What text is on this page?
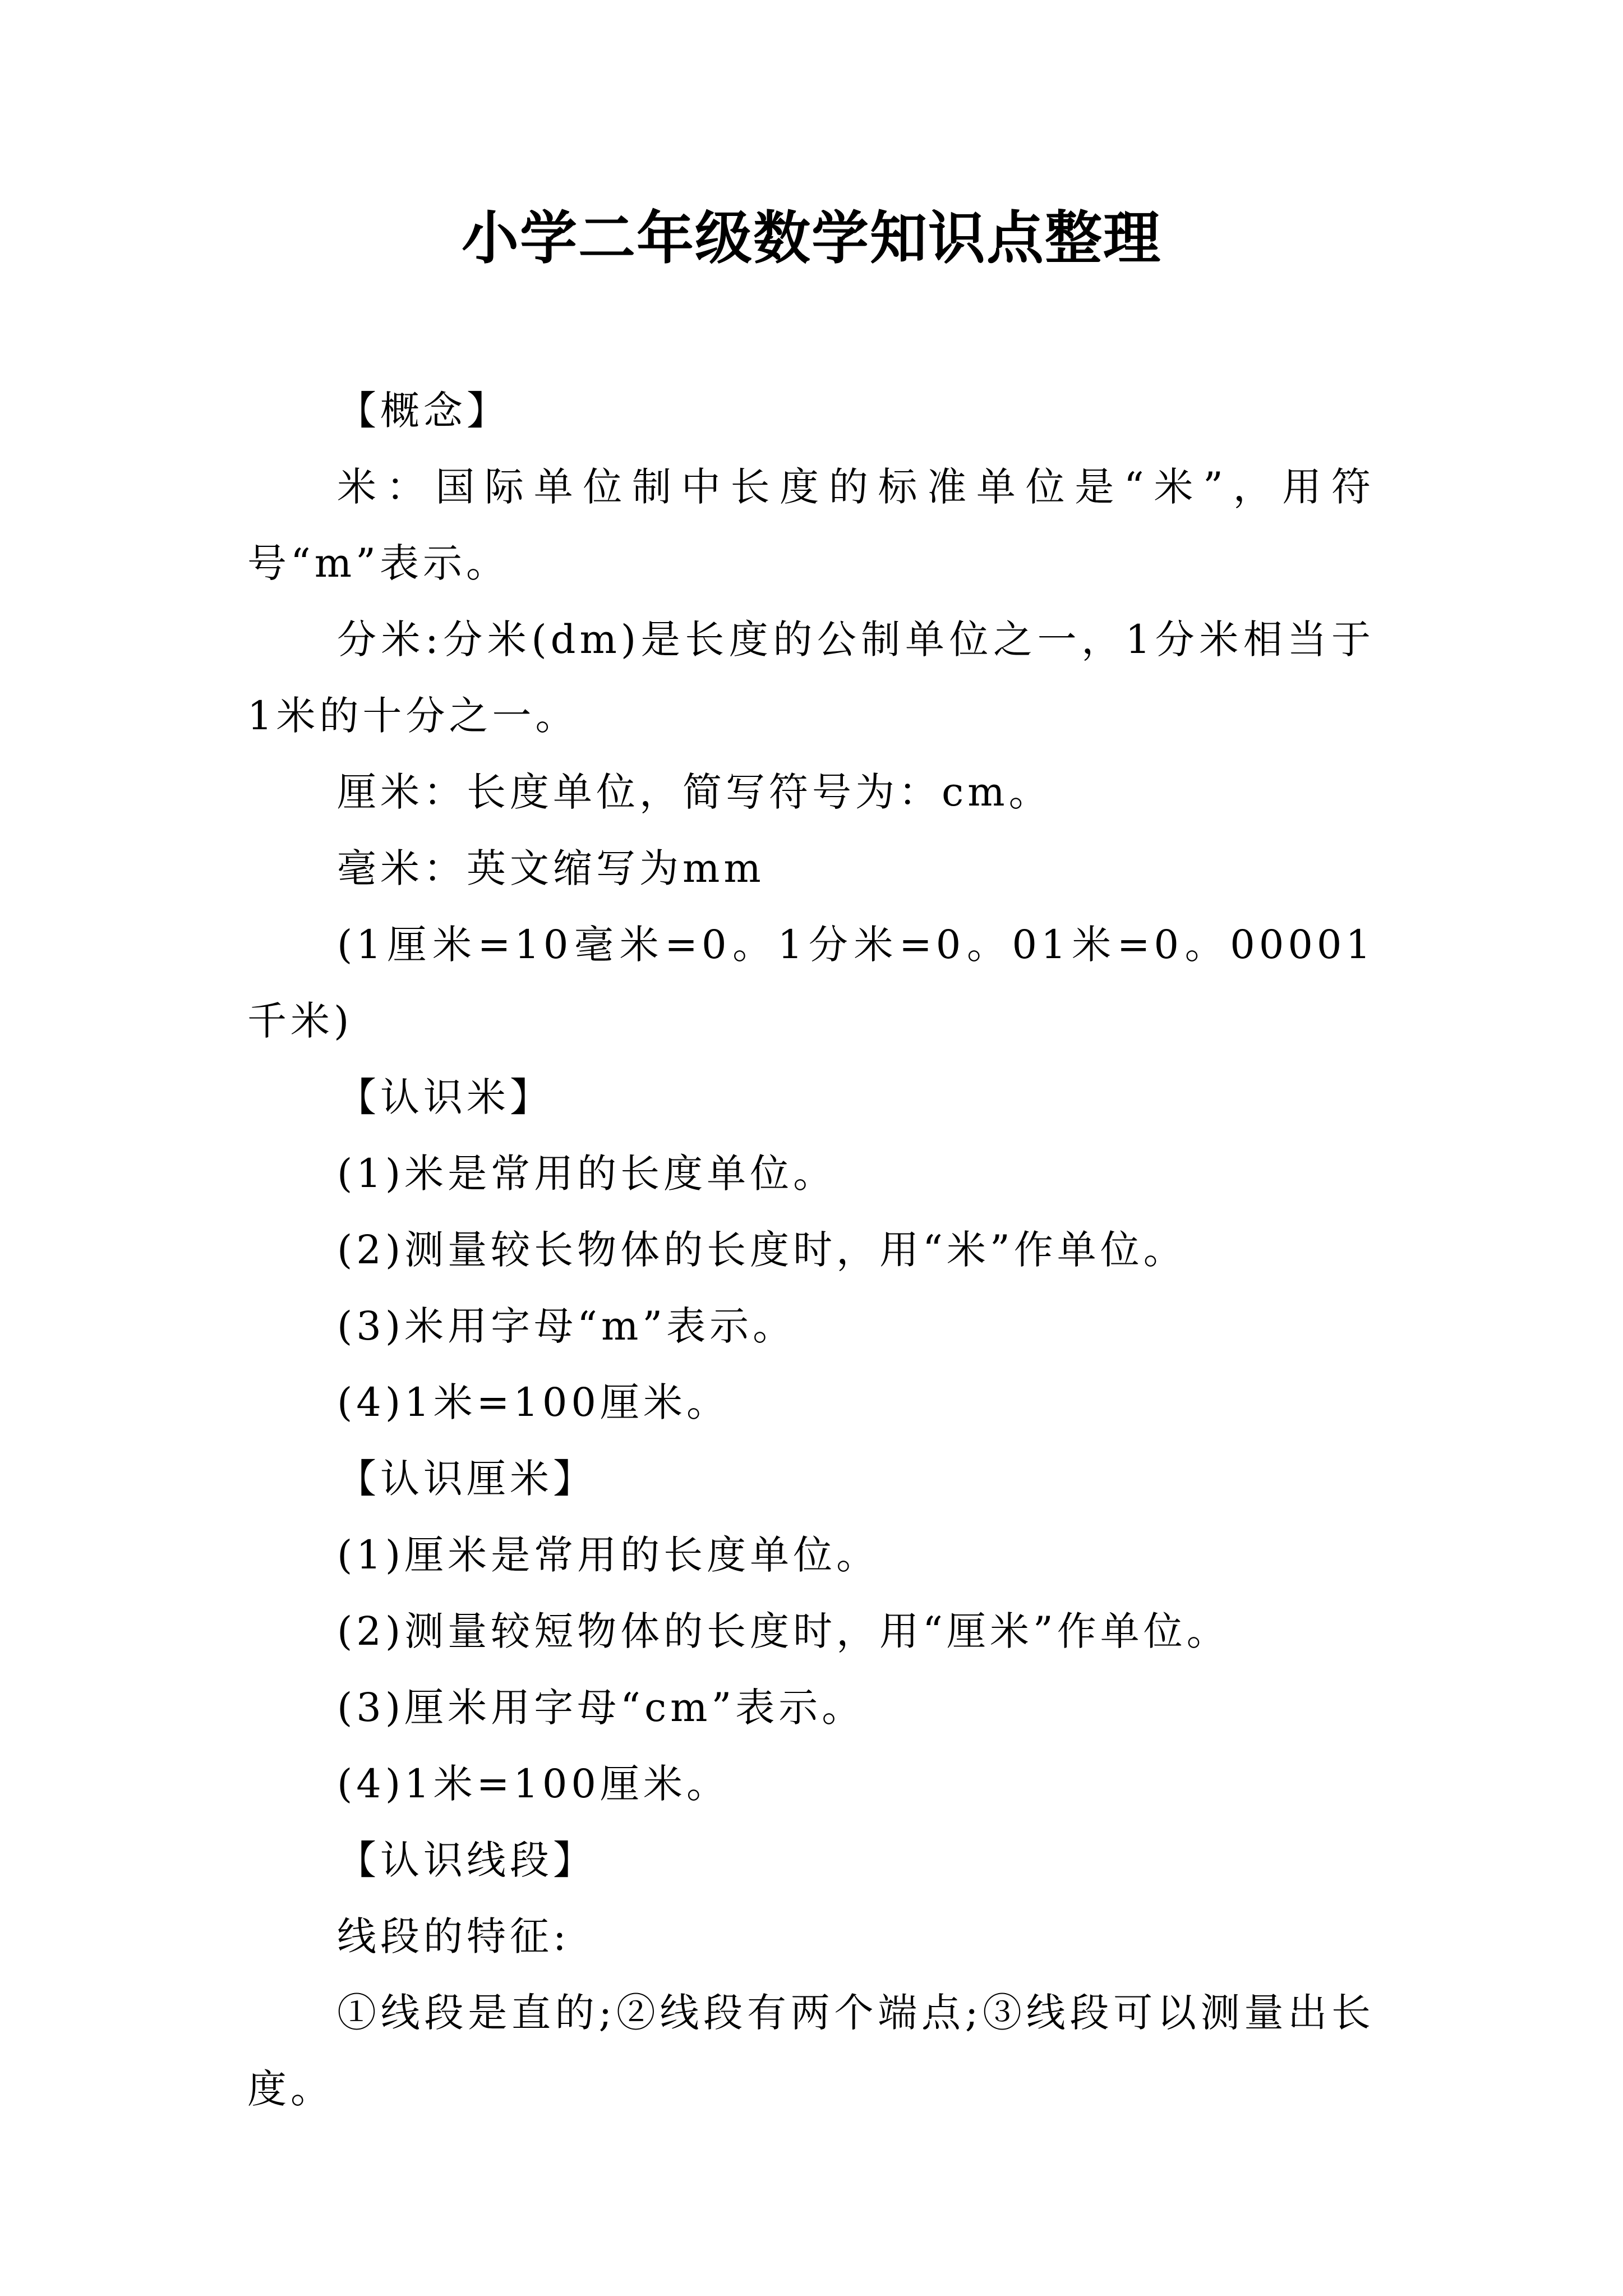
小学二年级数学知识点整理

【概念】

米：国际单位制中长度的标准单位是“米”，用符号“m”表示。

分米:分米(dm)是长度的公制单位之一，1分米相当于1米的十分之一。

厘米：长度单位，简写符号为：cm。

毫米：英文缩写为mm

(1厘米=10毫米=0。1分米=0。01米=0。00001千米)

【认识米】

(1)米是常用的长度单位。

(2)测量较长物体的长度时，用“米”作单位。

(3)米用字母“m”表示。

(4)1米=100厘米。

【认识厘米】

(1)厘米是常用的长度单位。

(2)测量较短物体的长度时，用“厘米”作单位。

(3)厘米用字母“cm”表示。

(4)1米=100厘米。

【认识线段】

线段的特征:

①线段是直的;②线段有两个端点;③线段可以测量出长度。
